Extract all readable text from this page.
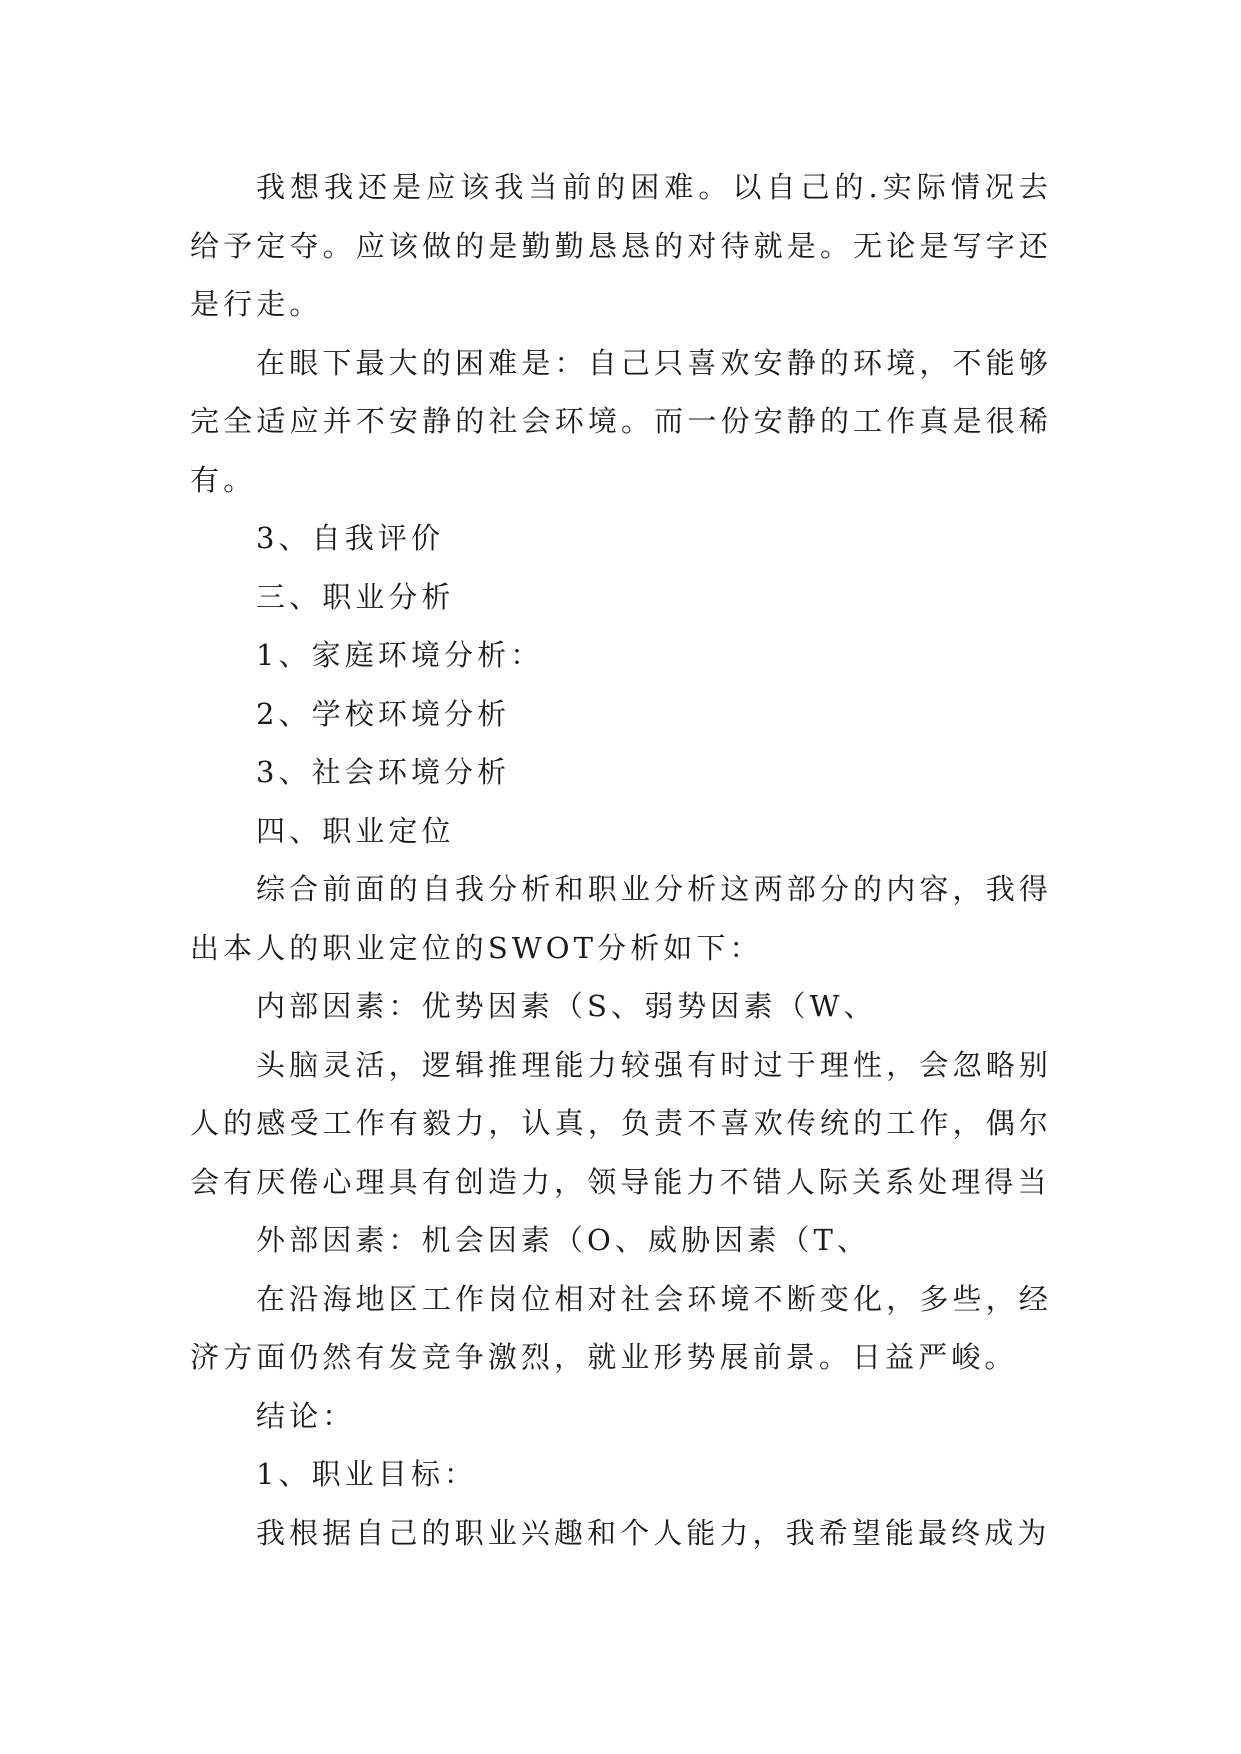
我想我还是应该我当前的困难。以自己的.实际情况去给予定夺。应该做的是勤勤恳恳的对待就是。无论是写字还是行走。

在眼下最大的困难是：自己只喜欢安静的环境，不能够完全适应并不安静的社会环境。而一份安静的工作真是很稀有。

3、自我评价

三、职业分析

1、家庭环境分析：

2、学校环境分析

3、社会环境分析

四、职业定位

综合前面的自我分析和职业分析这两部分的内容，我得出本人的职业定位的SWOT分析如下：

内部因素：优势因素（S、弱势因素（W、

头脑灵活，逻辑推理能力较强有时过于理性，会忽略别人的感受工作有毅力，认真，负责不喜欢传统的工作，偶尔会有厌倦心理具有创造力，领导能力不错人际关系处理得当

外部因素：机会因素（O、威胁因素（T、

在沿海地区工作岗位相对社会环境不断变化，多些，经济方面仍然有发竞争激烈，就业形势展前景。日益严峻。

结论：

1、职业目标：

我根据自己的职业兴趣和个人能力，我希望能最终成为
